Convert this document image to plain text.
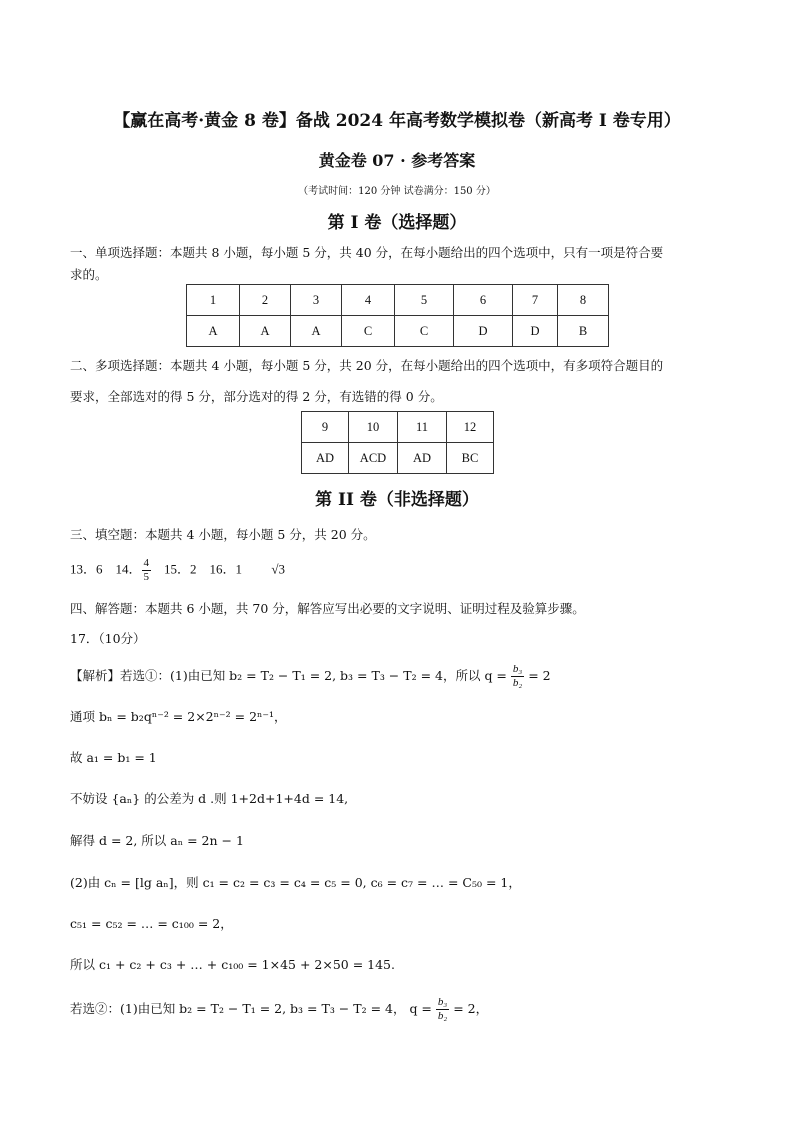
【赢在高考·黄金 8 卷】备战 2024 年高考数学模拟卷（新高考 I 卷专用）
黄金卷 07 · 参考答案
（考试时间：120 分钟 试卷满分：150 分）
第 I 卷（选择题）
一、单项选择题：本题共 8 小题，每小题 5 分，共 40 分，在每小题给出的四个选项中，只有一项是符合要
求的。
1	2	3	4	5	6	7	8
A	A	A	C	C	D	D	B
二、多项选择题：本题共 4 小题，每小题 5 分，共 20 分，在每小题给出的四个选项中，有多项符合题目的
要求，全部选对的得 5 分，部分选对的得 2 分，有选错的得 0 分。
9	10	11	12
AD	ACD	AD	BC
第 II 卷（非选择题）
三、填空题：本题共 4 小题，每小题 5 分，共 20 分。
13．6 14． $\frac{4}{5} 15$．2 16．1 √3
四、解答题：本题共 6 小题，共 70 分，解答应写出必要的文字说明、证明过程及验算步骤。
17．（10分）
【解析】若选①：(1)由已知 b₂ = T₂ − T₁ = 2, b₃ = T₃ − T₂ = 4，所以 $q = \frac{\text{b₃}}{\text{b₂}} = 2$
通项 bₙ = b₂qⁿ⁻² = 2×2ⁿ⁻² = 2ⁿ⁻¹，
故 a₁ = b₁ = 1
不妨设 {aₙ} 的公差为 d .则 1+2d+1+4d = 14,
解得 d = 2, 所以 aₙ = 2n − 1
(2)由 cₙ = [lg aₙ]，则 c₁ = c₂ = c₃ = c₄ = c₅ = 0, c₆ = c₇ = … = C₅₀ = 1，
c₅₁ = c₅₂ = … = c₁₀₀ = 2，
所以 c₁ + c₂ + c₃ + … + c₁₀₀ = 1×45 + 2×50 = 145.
若选②：(1)由已知 b₂ = T₂ − T₁ = 2, b₃ = T₃ − T₂ = 4， $q = \frac{\text{b₃}}{\text{b₂}} = 2$，
